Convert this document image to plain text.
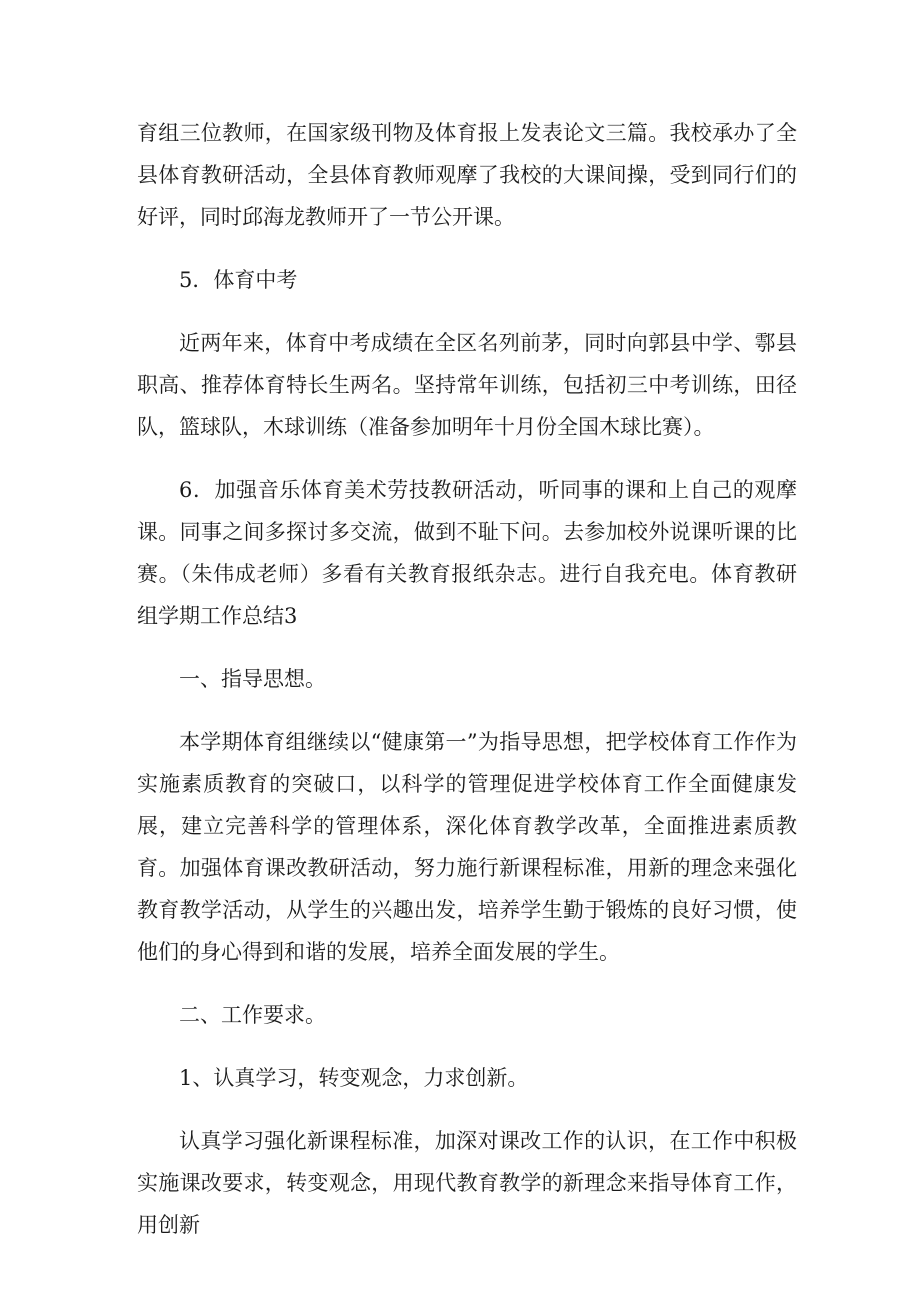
育组三位教师，在国家级刊物及体育报上发表论文三篇。我校承办了全县体育教研活动，全县体育教师观摩了我校的大课间操，受到同行们的好评，同时邱海龙教师开了一节公开课。

5．体育中考

近两年来，体育中考成绩在全区名列前茅，同时向郭县中学、鄠县职高、推荐体育特长生两名。坚持常年训练，包括初三中考训练，田径队，篮球队，木球训练（准备参加明年十月份全国木球比赛）。

6．加强音乐体育美术劳技教研活动，听同事的课和上自己的观摩课。同事之间多探讨多交流，做到不耻下问。去参加校外说课听课的比赛。（朱伟成老师）多看有关教育报纸杂志。进行自我充电。体育教研组学期工作总结3

一、指导思想。

本学期体育组继续以“健康第一”为指导思想，把学校体育工作作为实施素质教育的突破口，以科学的管理促进学校体育工作全面健康发展，建立完善科学的管理体系，深化体育教学改革，全面推进素质教育。加强体育课改教研活动，努力施行新课程标准，用新的理念来强化教育教学活动，从学生的兴趣出发，培养学生勤于锻炼的良好习惯，使他们的身心得到和谐的发展，培养全面发展的学生。

二、工作要求。

1、认真学习，转变观念，力求创新。

认真学习强化新课程标准，加深对课改工作的认识，在工作中积极实施课改要求，转变观念，用现代教育教学的新理念来指导体育工作，用创新
